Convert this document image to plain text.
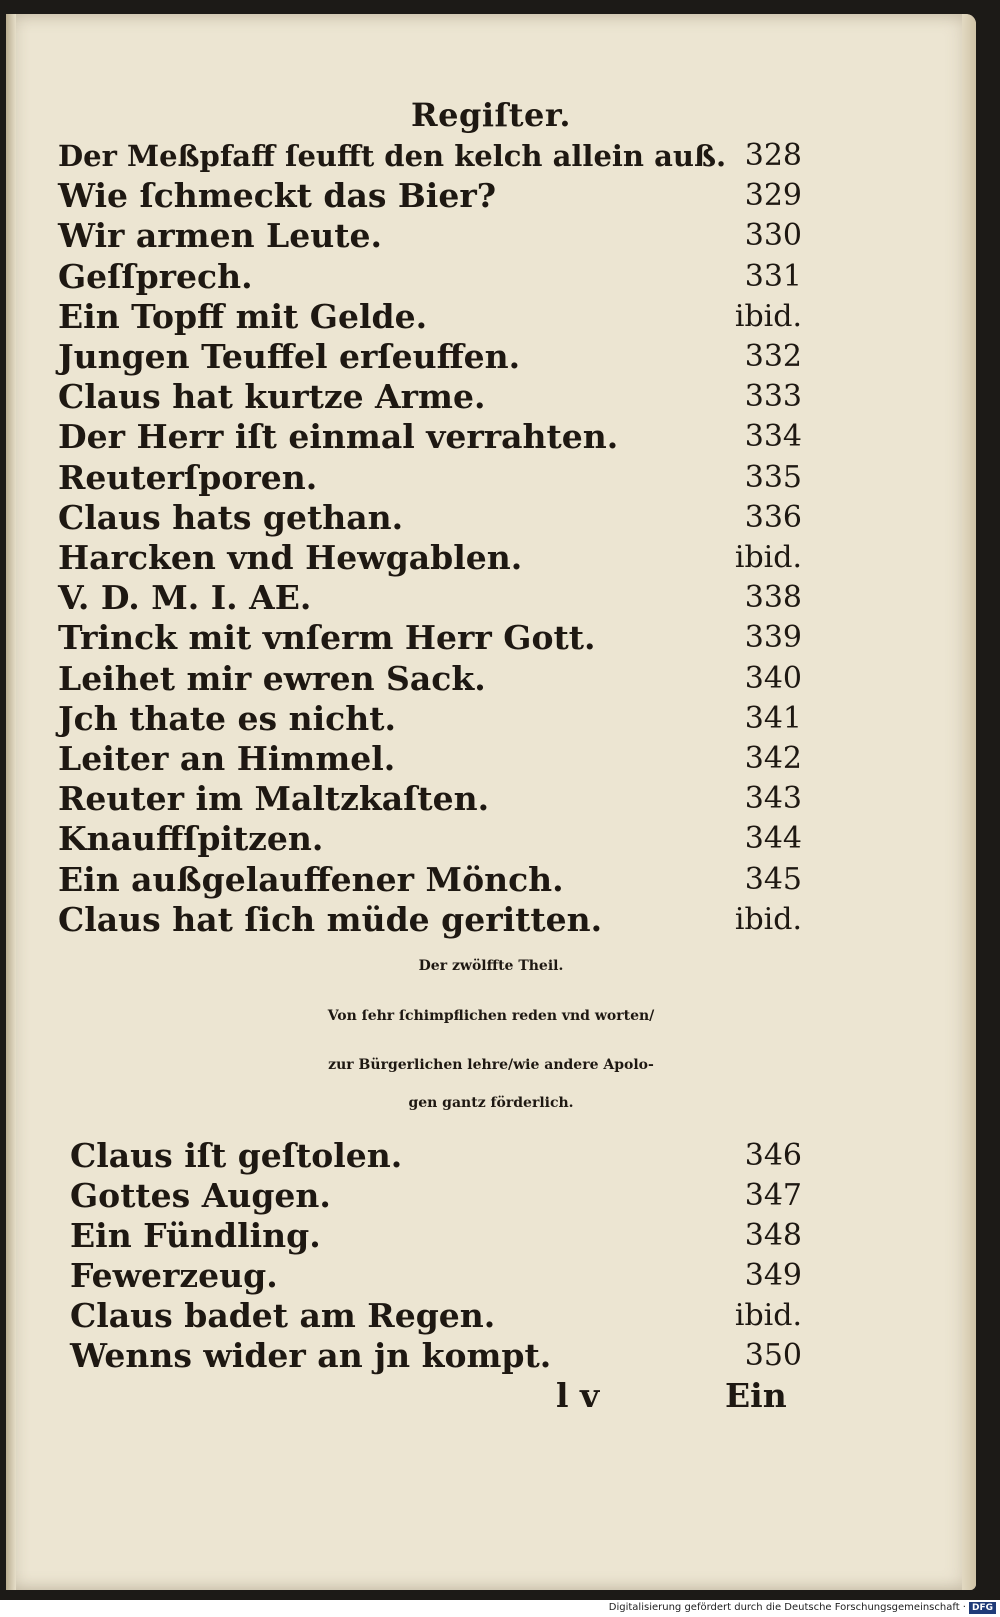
Regiſter.
Der Meßpfaff ſeufft den kelch allein auß. 328
Wie ſchmeckt das Bier?	329
Wir armen Leute.	330
Geſſprech.	331
Ein Topff mit Gelde.	ibid.
Jungen Teuffel erſeuffen.	332
Claus hat kurtze Arme.	333
Der Herr iſt einmal verrahten.	334
Reuterſporen.	335
Claus hats gethan.	336
Harcken vnd Hewgablen.	ibid.
V. D. M. I. AE.	338
Trinck mit vnſerm Herr Gott.	339
Leihet mir ewren Sack.	340
Jch thate es nicht.	341
Leiter an Himmel.	342
Reuter im Maltzkaſten.	343
Knauffſpitzen.	344
Ein außgelauffener Mönch.	345
Claus hat ſich müde geritten.	ibid.
Der zwölffte Theil.
Von ſehr ſchimpflichen reden vnd worten/
zur Bürgerlichen lehre/wie andere Apolo-
gen gantz förderlich.
Claus iſt geſtolen.	346
Gottes Augen.	347
Ein Fündling.	348
Fewerzeug.	349
Claus badet am Regen.	ibid.
Wenns wider an jn kompt.	350
l v	Ein
Digitalisierung gefördert durch die Deutsche Forschungsgemeinschaft · DFG
